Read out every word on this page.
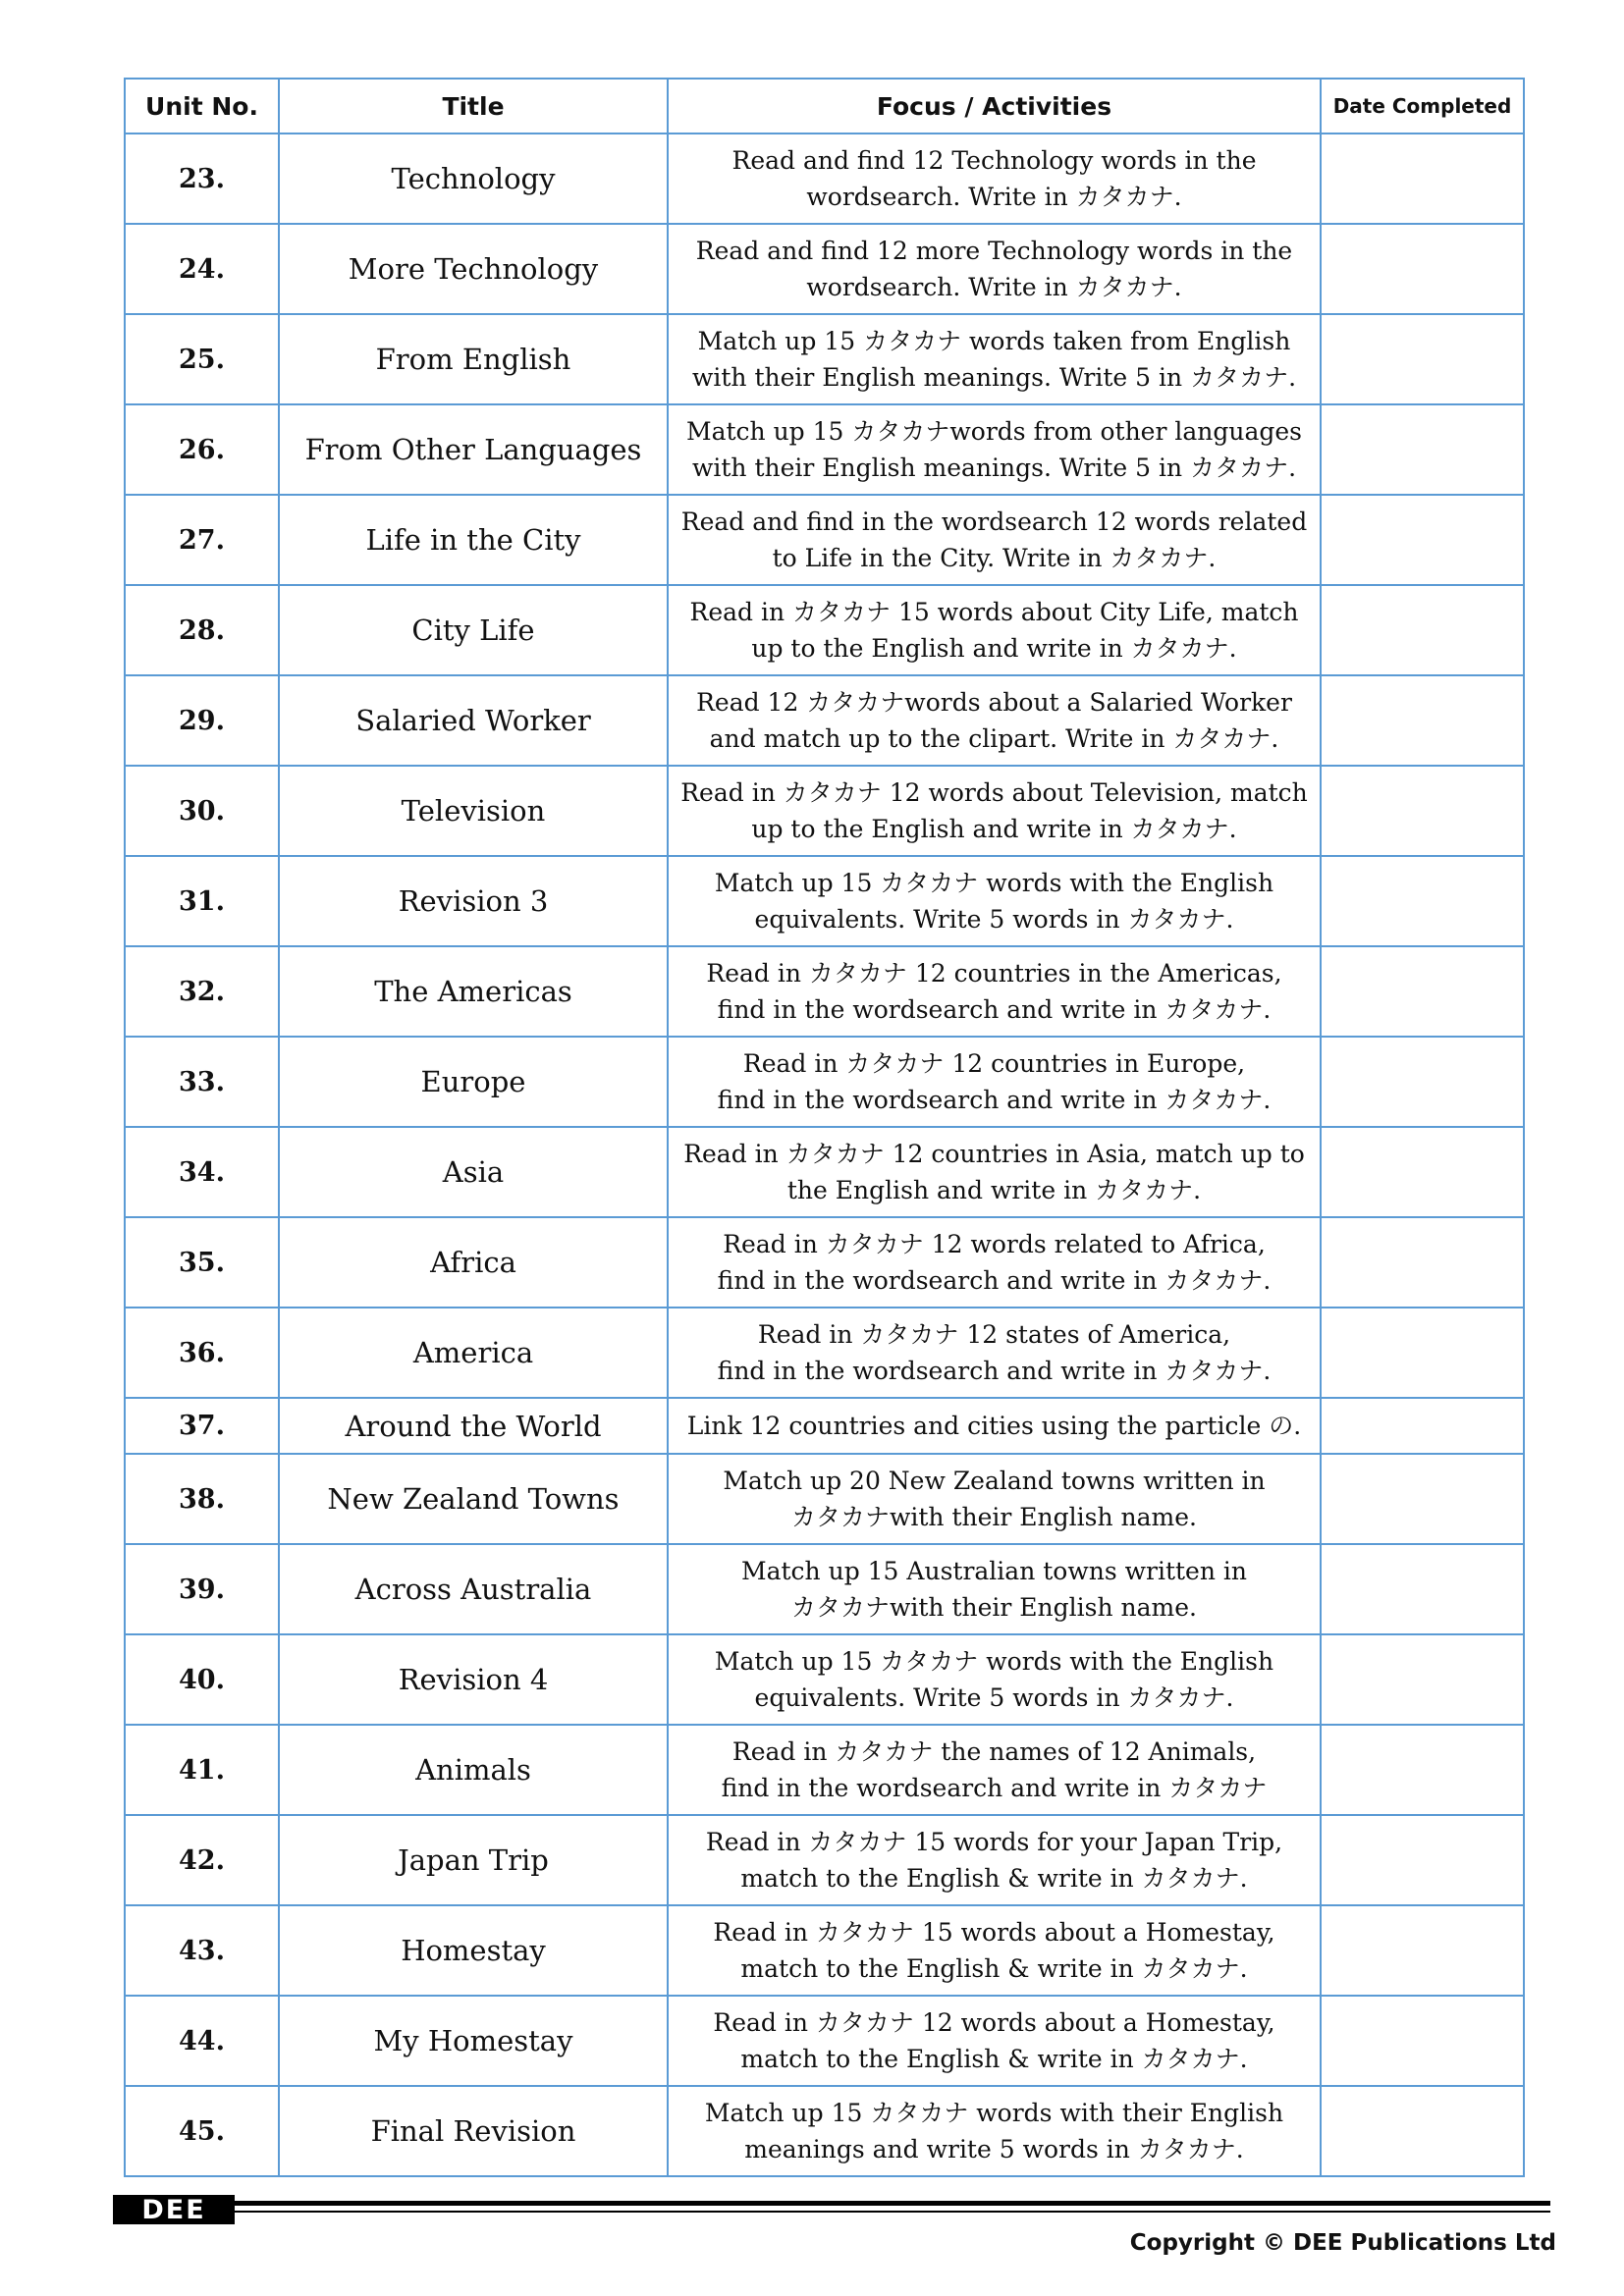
Unit No.	Title	Focus / Activities	Date Completed
23.	Technology	Read and find 12 Technology words in the
wordsearch. Write in カタカナ.	

24.	More Technology	Read and find 12 more Technology words in the
wordsearch. Write in カタカナ.	

25.	From English	Match up 15 カタカナ words taken from English
with their English meanings. Write 5 in カタカナ.	

26.	From Other Languages	Match up 15 カタカナwords from other languages
with their English meanings. Write 5 in カタカナ.	

27.	Life in the City	Read and find in the wordsearch 12 words related
to Life in the City. Write in カタカナ.	

28.	City Life	Read in カタカナ 15 words about City Life, match
up to the English and write in カタカナ.	

29.	Salaried Worker	Read 12 カタカナwords about a Salaried Worker
and match up to the clipart. Write in カタカナ.	

30.	Television	Read in カタカナ 12 words about Television, match
up to the English and write in カタカナ.	

31.	Revision 3	Match up 15 カタカナ words with the English
equivalents. Write 5 words in カタカナ.	

32.	The Americas	Read in カタカナ 12 countries in the Americas,
find in the wordsearch and write in カタカナ.	

33.	Europe	Read in カタカナ 12 countries in Europe,
find in the wordsearch and write in カタカナ.	

34.	Asia	Read in カタカナ 12 countries in Asia, match up to
the English and write in カタカナ.	

35.	Africa	Read in カタカナ 12 words related to Africa,
find in the wordsearch and write in カタカナ.	

36.	America	Read in カタカナ 12 states of America,
find in the wordsearch and write in カタカナ.	

37.	Around the World	Link 12 countries and cities using the particle の.	

38.	New Zealand Towns	Match up 20 New Zealand towns written in
カタカナwith their English name.	

39.	Across Australia	Match up 15 Australian towns written in
カタカナwith their English name.	

40.	Revision 4	Match up 15 カタカナ words with the English
equivalents. Write 5 words in カタカナ.	

41.	Animals	Read in カタカナ the names of 12 Animals,
find in the wordsearch and write in カタカナ	

42.	Japan Trip	Read in カタカナ 15 words for your Japan Trip,
match to the English & write in カタカナ.	

43.	Homestay	Read in カタカナ 15 words about a Homestay,
match to the English & write in カタカナ.	

44.	My Homestay	Read in カタカナ 12 words about a Homestay,
match to the English & write in カタカナ.	

45.	Final Revision	Match up 15 カタカナ words with their English
meanings and write 5 words in カタカナ.	

DEE
Copyright © DEE Publications Ltd
